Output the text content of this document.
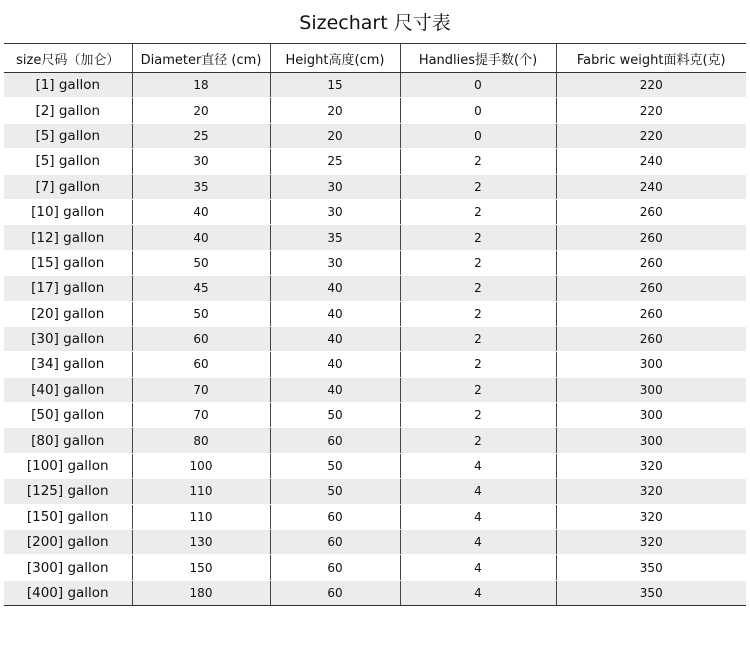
Sizechart 尺寸表
size尺码（加仑）	Diameter直径 (cm)	Height高度(cm)	Handlies提手数(个)	Fabric weight面料克(克)
[1] gallon	18	15	0	220
[2] gallon	20	20	0	220
[5] gallon	25	20	0	220
[5] gallon	30	25	2	240
[7] gallon	35	30	2	240
[10] gallon	40	30	2	260
[12] gallon	40	35	2	260
[15] gallon	50	30	2	260
[17] gallon	45	40	2	260
[20] gallon	50	40	2	260
[30] gallon	60	40	2	260
[34] gallon	60	40	2	300
[40] gallon	70	40	2	300
[50] gallon	70	50	2	300
[80] gallon	80	60	2	300
[100] gallon	100	50	4	320
[125] gallon	110	50	4	320
[150] gallon	110	60	4	320
[200] gallon	130	60	4	320
[300] gallon	150	60	4	350
[400] gallon	180	60	4	350
